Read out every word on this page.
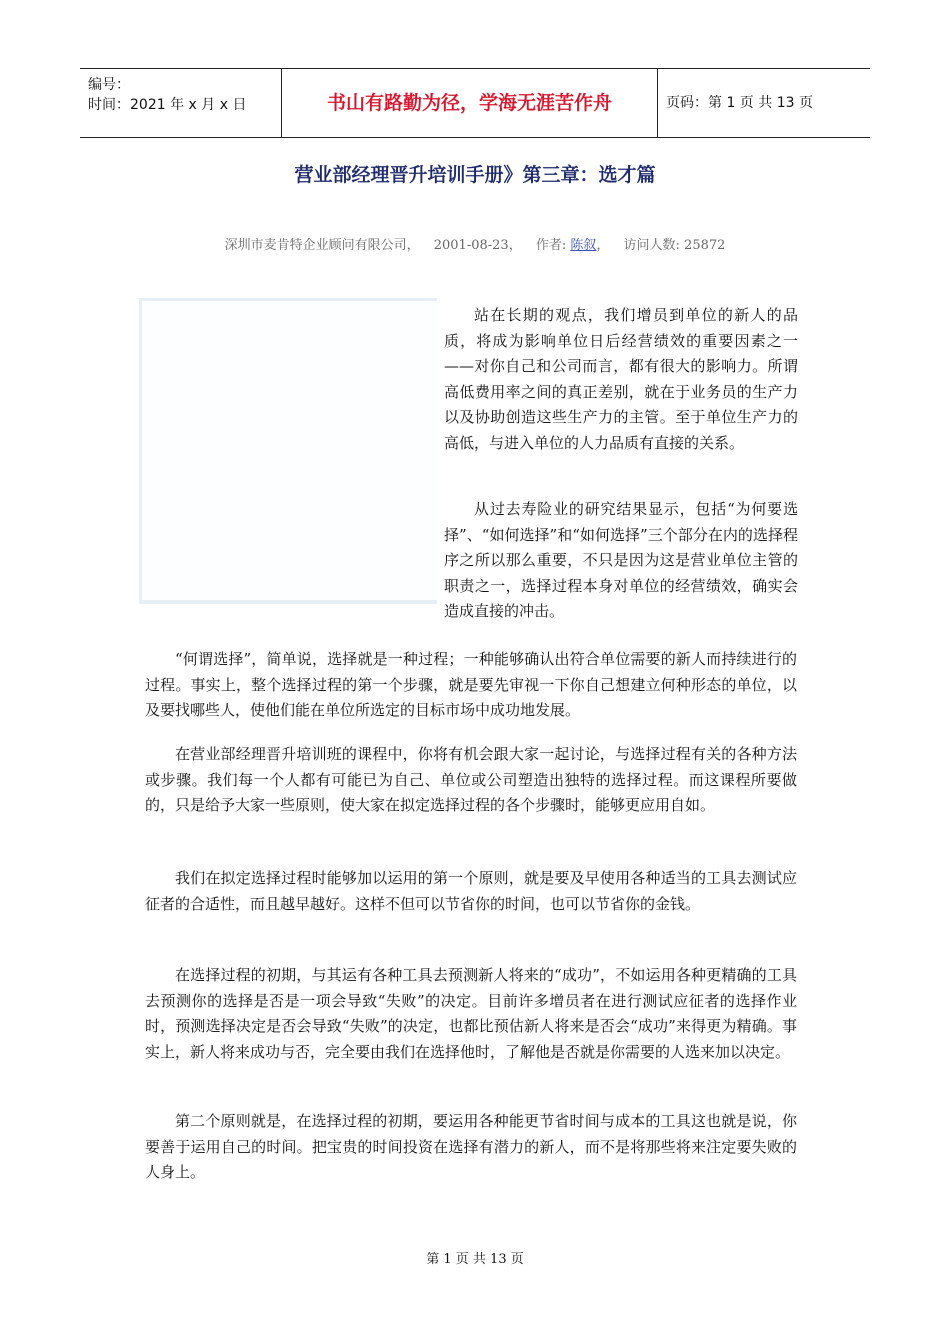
编号：
时间：2021 年 x 月 x 日	书山有路勤为径，学海无涯苦作舟	页码：第 1 页 共 13 页
营业部经理晋升培训手册》第三章：选才篇
深圳市麦肯特企业顾问有限公司， 2001-08-23， 作者: 陈叙， 访问人数: 25872

站在长期的观点，我们增员到单位的新人的品质，将成为影响单位日后经营绩效的重要因素之一——对你自己和公司而言，都有很大的影响力。所谓高低费用率之间的真正差别，就在于业务员的生产力以及协助创造这些生产力的主管。至于单位生产力的高低，与进入单位的人力品质有直接的关系。

从过去寿险业的研究结果显示，包括“为何要选择”、“如何选择”和“如何选择”三个部分在内的选择程序之所以那么重要，不只是因为这是营业单位主管的职责之一，选择过程本身对单位的经营绩效，确实会造成直接的冲击。

“何谓选择”，简单说，选择就是一种过程；一种能够确认出符合单位需要的新人而持续进行的过程。事实上，整个选择过程的第一个步骤，就是要先审视一下你自己想建立何种形态的单位，以及要找哪些人，使他们能在单位所选定的目标市场中成功地发展。

在营业部经理晋升培训班的课程中，你将有机会跟大家一起讨论，与选择过程有关的各种方法或步骤。我们每一个人都有可能已为自己、单位或公司塑造出独特的选择过程。而这课程所要做的，只是给予大家一些原则，使大家在拟定选择过程的各个步骤时，能够更应用自如。

我们在拟定选择过程时能够加以运用的第一个原则，就是要及早使用各种适当的工具去测试应征者的合适性，而且越早越好。这样不但可以节省你的时间，也可以节省你的金钱。

在选择过程的初期，与其运有各种工具去预测新人将来的“成功”，不如运用各种更精确的工具去预测你的选择是否是一项会导致“失败”的决定。目前许多增员者在进行测试应征者的选择作业时，预测选择决定是否会导致“失败”的决定，也都比预估新人将来是否会“成功”来得更为精确。事实上，新人将来成功与否，完全要由我们在选择他时，了解他是否就是你需要的人选来加以决定。

第二个原则就是，在选择过程的初期，要运用各种能更节省时间与成本的工具这也就是说，你要善于运用自己的时间。把宝贵的时间投资在选择有潜力的新人，而不是将那些将来注定要失败的人身上。

第 1 页 共 13 页
